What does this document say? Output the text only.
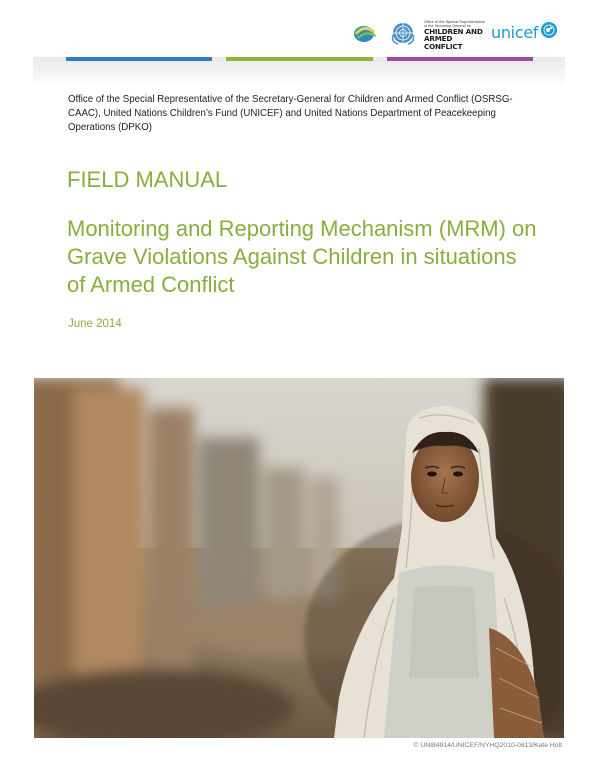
Office of the Special Representative of the Secretary-General for
CHILDREN AND ARMED CONFLICT
unicef
Office of the Special Representative of the Secretary-General for Children and Armed Conflict (OSRSG-CAAC), United Nations Children’s Fund (UNICEF) and United Nations Department of Peacekeeping Operations (DPKO)
FIELD MANUAL
Monitoring and Reporting Mechanism (MRM) on Grave Violations Against Children in situations of Armed Conflict
June 2014
© UNI84914/UNICEF/NYHQ2010-0813/Kate Holt
